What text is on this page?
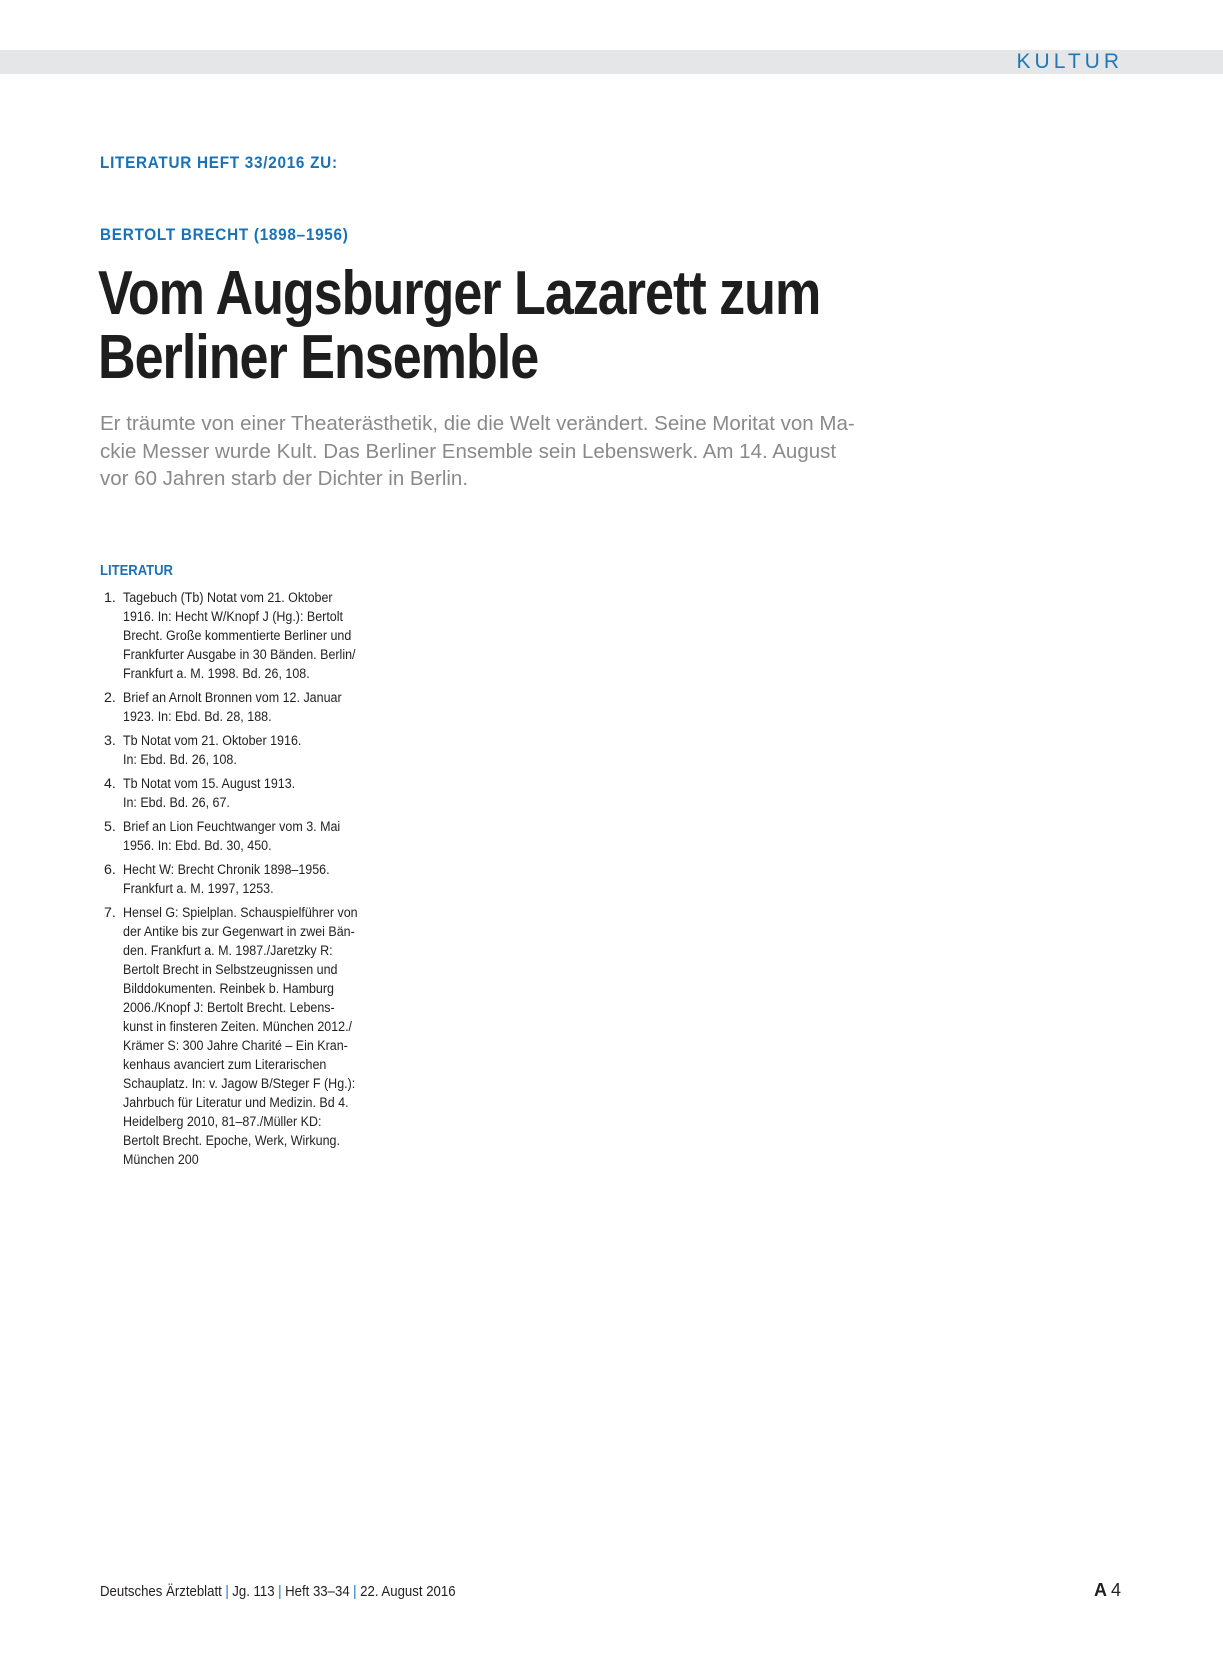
KULTUR
LITERATUR HEFT 33/2016 ZU:
BERTOLT BRECHT (1898–1956)
Vom Augsburger Lazarett zum
Berliner Ensemble
Er träumte von einer Theaterästhetik, die die Welt verändert. Seine Moritat von Ma-
ckie Messer wurde Kult. Das Berliner Ensemble sein Lebenswerk. Am 14. August
vor 60 Jahren starb der Dichter in Berlin.
LITERATUR
1. Tagebuch (Tb) Notat vom 21. Oktober
1916. In: Hecht W/Knopf J (Hg.): Bertolt
Brecht. Große kommentierte Berliner und
Frankfurter Ausgabe in 30 Bänden. Berlin/
Frankfurt a. M. 1998. Bd. 26, 108.
2. Brief an Arnolt Bronnen vom 12. Januar
1923. In: Ebd. Bd. 28, 188.
3. Tb Notat vom 21. Oktober 1916.
In: Ebd. Bd. 26, 108.
4. Tb Notat vom 15. August 1913.
In: Ebd. Bd. 26, 67.
5. Brief an Lion Feuchtwanger vom 3. Mai
1956. In: Ebd. Bd. 30, 450.
6. Hecht W: Brecht Chronik 1898–1956.
Frankfurt a. M. 1997, 1253.
7. Hensel G: Spielplan. Schauspielführer von
der Antike bis zur Gegenwart in zwei Bän-
den. Frankfurt a. M. 1987./Jaretzky R:
Bertolt Brecht in Selbstzeugnissen und
Bilddokumenten. Reinbek b. Hamburg
2006./Knopf J: Bertolt Brecht. Lebens-
kunst in finsteren Zeiten. München 2012./
Krämer S: 300 Jahre Charité – Ein Kran-
kenhaus avanciert zum Literarischen
Schauplatz. In: v. Jagow B/Steger F (Hg.):
Jahrbuch für Literatur und Medizin. Bd 4.
Heidelberg 2010, 81–87./Müller KD:
Bertolt Brecht. Epoche, Werk, Wirkung.
München 200
Deutsches Ärzteblatt | Jg. 113 | Heft 33–34 | 22. August 2016	A 4
